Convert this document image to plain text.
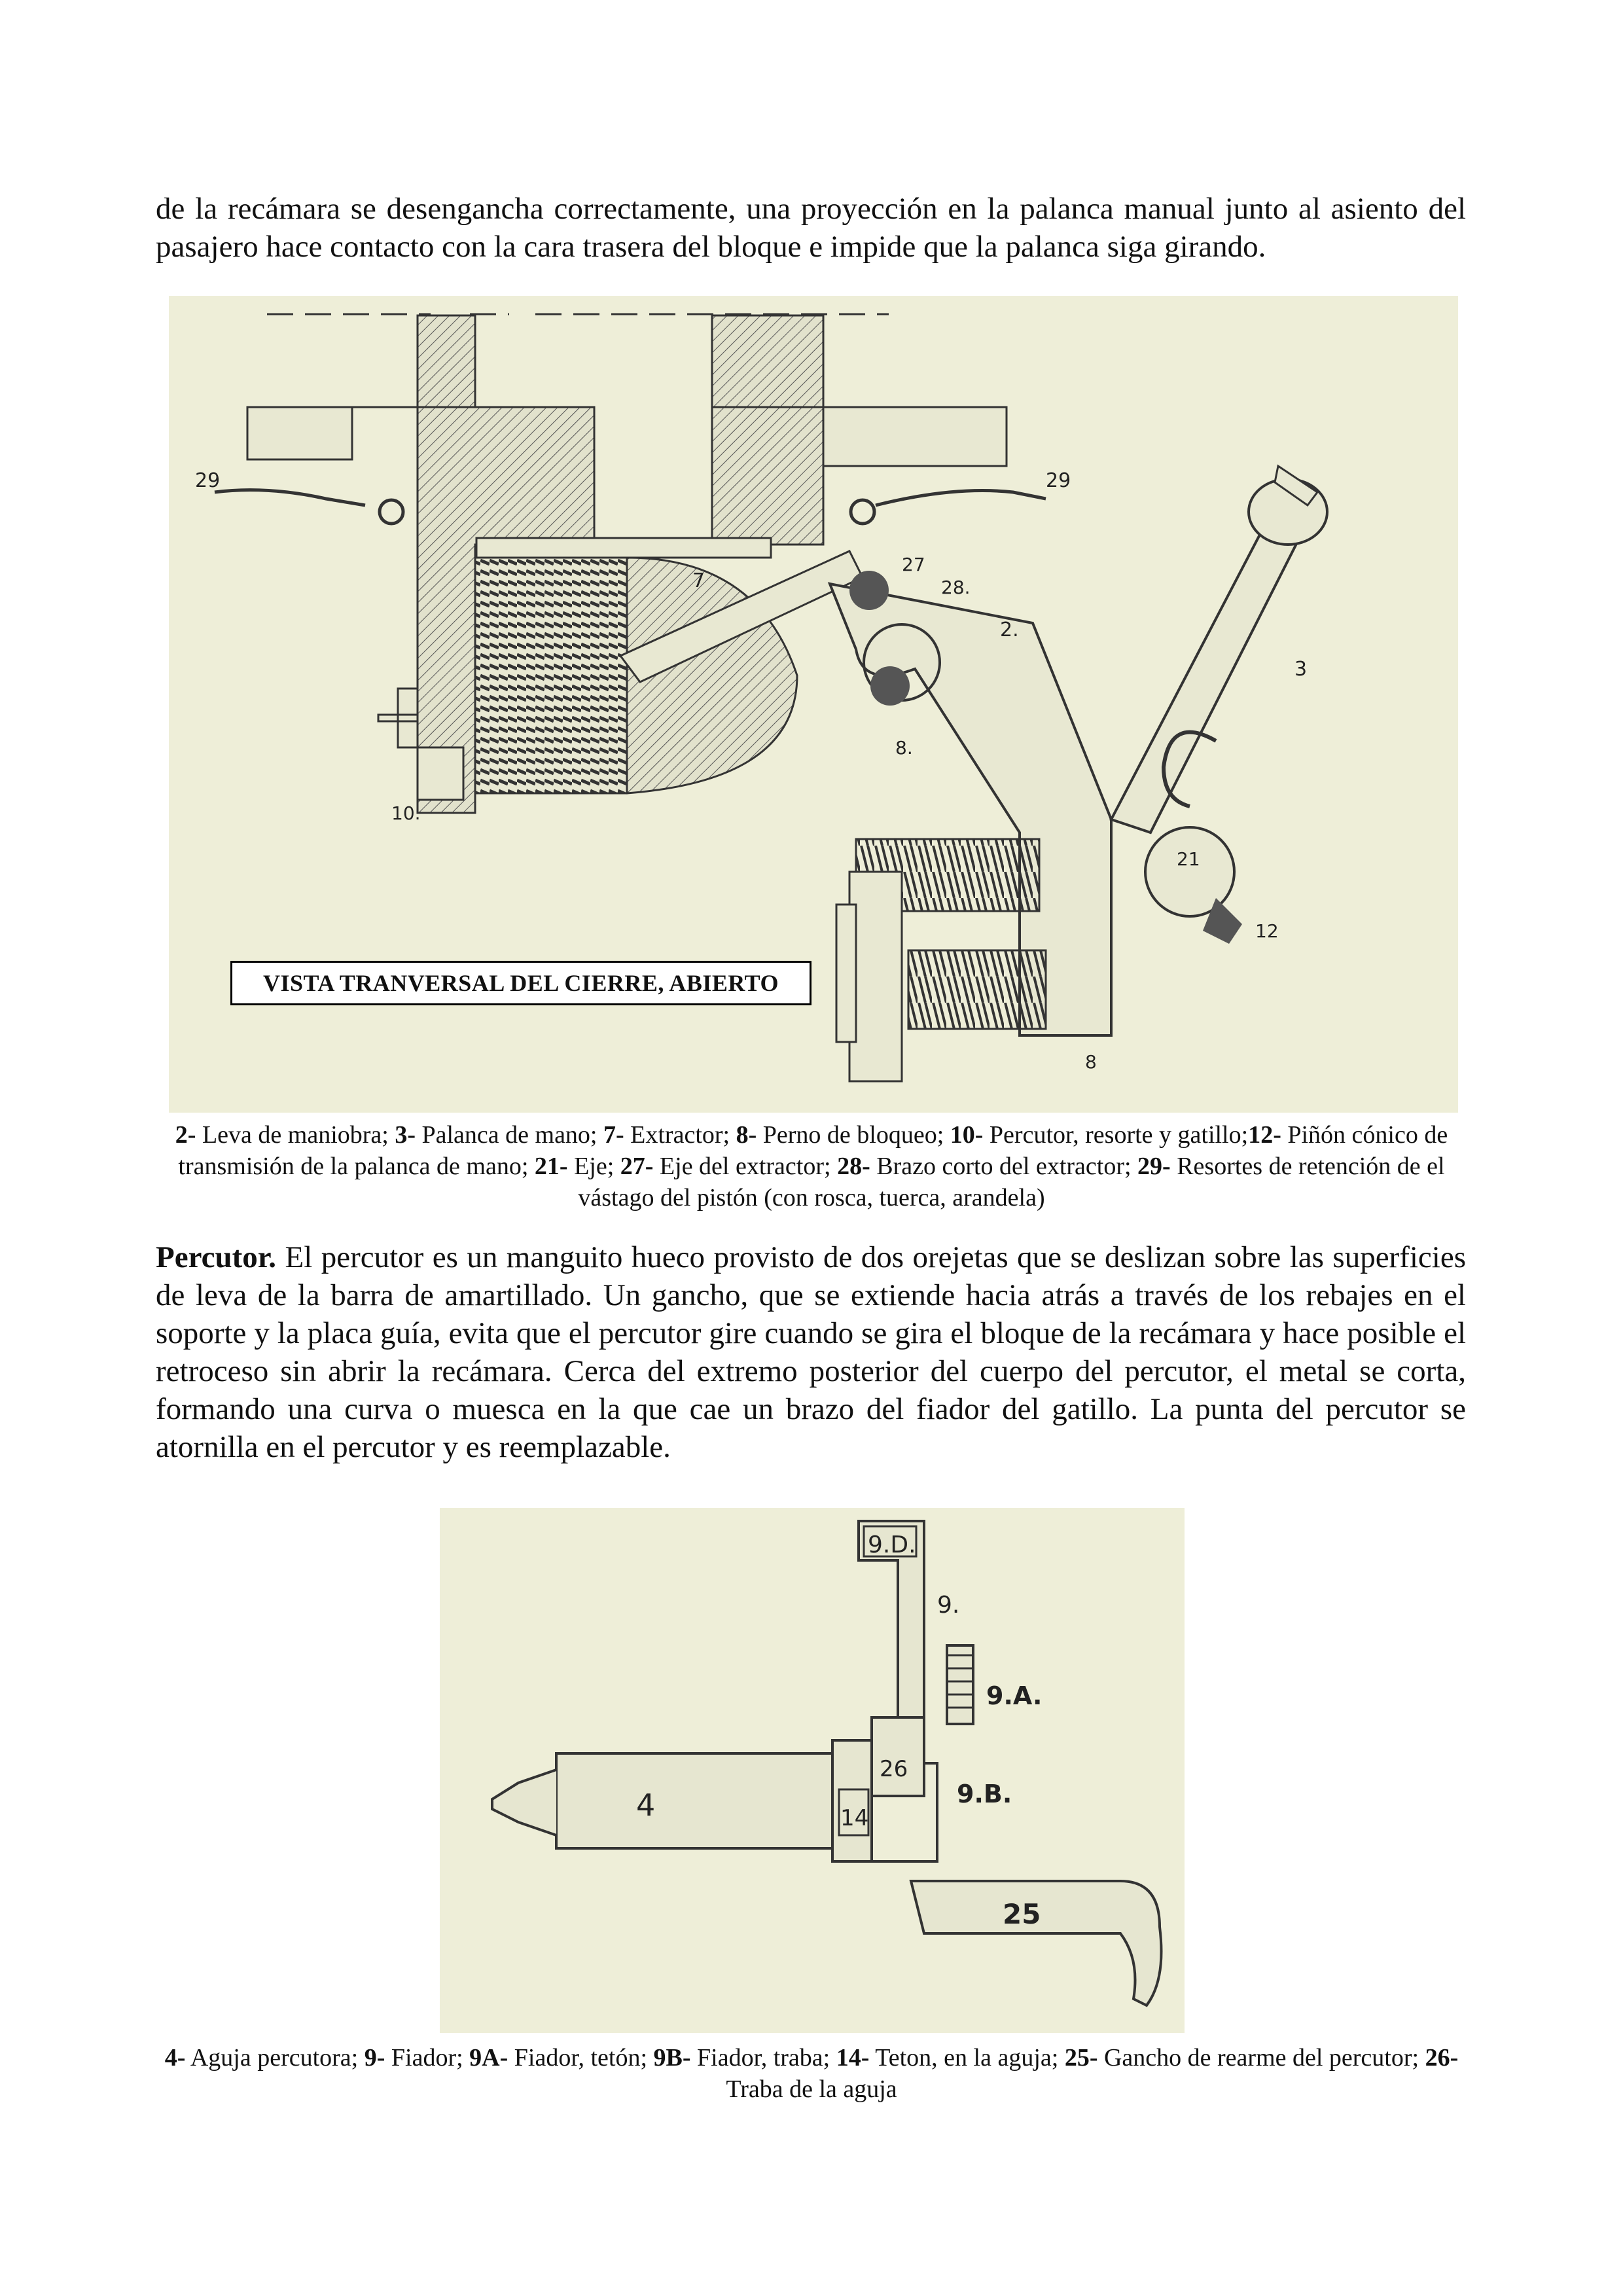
de la recámara se desengancha correctamente, una proyección en la palanca manual junto al asiento del pasajero hace contacto con la cara trasera del bloque e impide que la palanca siga girando.

29	29
7
27
28.
2.
3
8.
10.
21
12
8
VISTA TRANVERSAL DEL CIERRE, ABIERTO

2- Leva de maniobra; 3- Palanca de mano; 7- Extractor; 8- Perno de bloqueo; 10- Percutor, resorte y gatillo;12- Piñón cónico de transmisión de la palanca de mano; 21- Eje; 27- Eje del extractor; 28- Brazo corto del extractor; 29- Resortes de retención de el vástago del pistón (con rosca, tuerca, arandela)

Percutor. El percutor es un manguito hueco provisto de dos orejetas que se deslizan sobre las superficies de leva de la barra de amartillado. Un gancho, que se extiende hacia atrás a través de los rebajes en el soporte y la placa guía, evita que el percutor gire cuando se gira el bloque de la recámara y hace posible el retroceso sin abrir la recámara. Cerca del extremo posterior del cuerpo del percutor, el metal se corta, formando una curva o muesca en la que cae un brazo del fiador del gatillo. La punta del percutor se atornilla en el percutor y es reemplazable.

9.D.
9.
9.A.
26
9.B.
4	14
25

4- Aguja percutora; 9- Fiador; 9A- Fiador, tetón; 9B- Fiador, traba; 14- Teton, en la aguja; 25- Gancho de rearme del percutor; 26- Traba de la aguja
